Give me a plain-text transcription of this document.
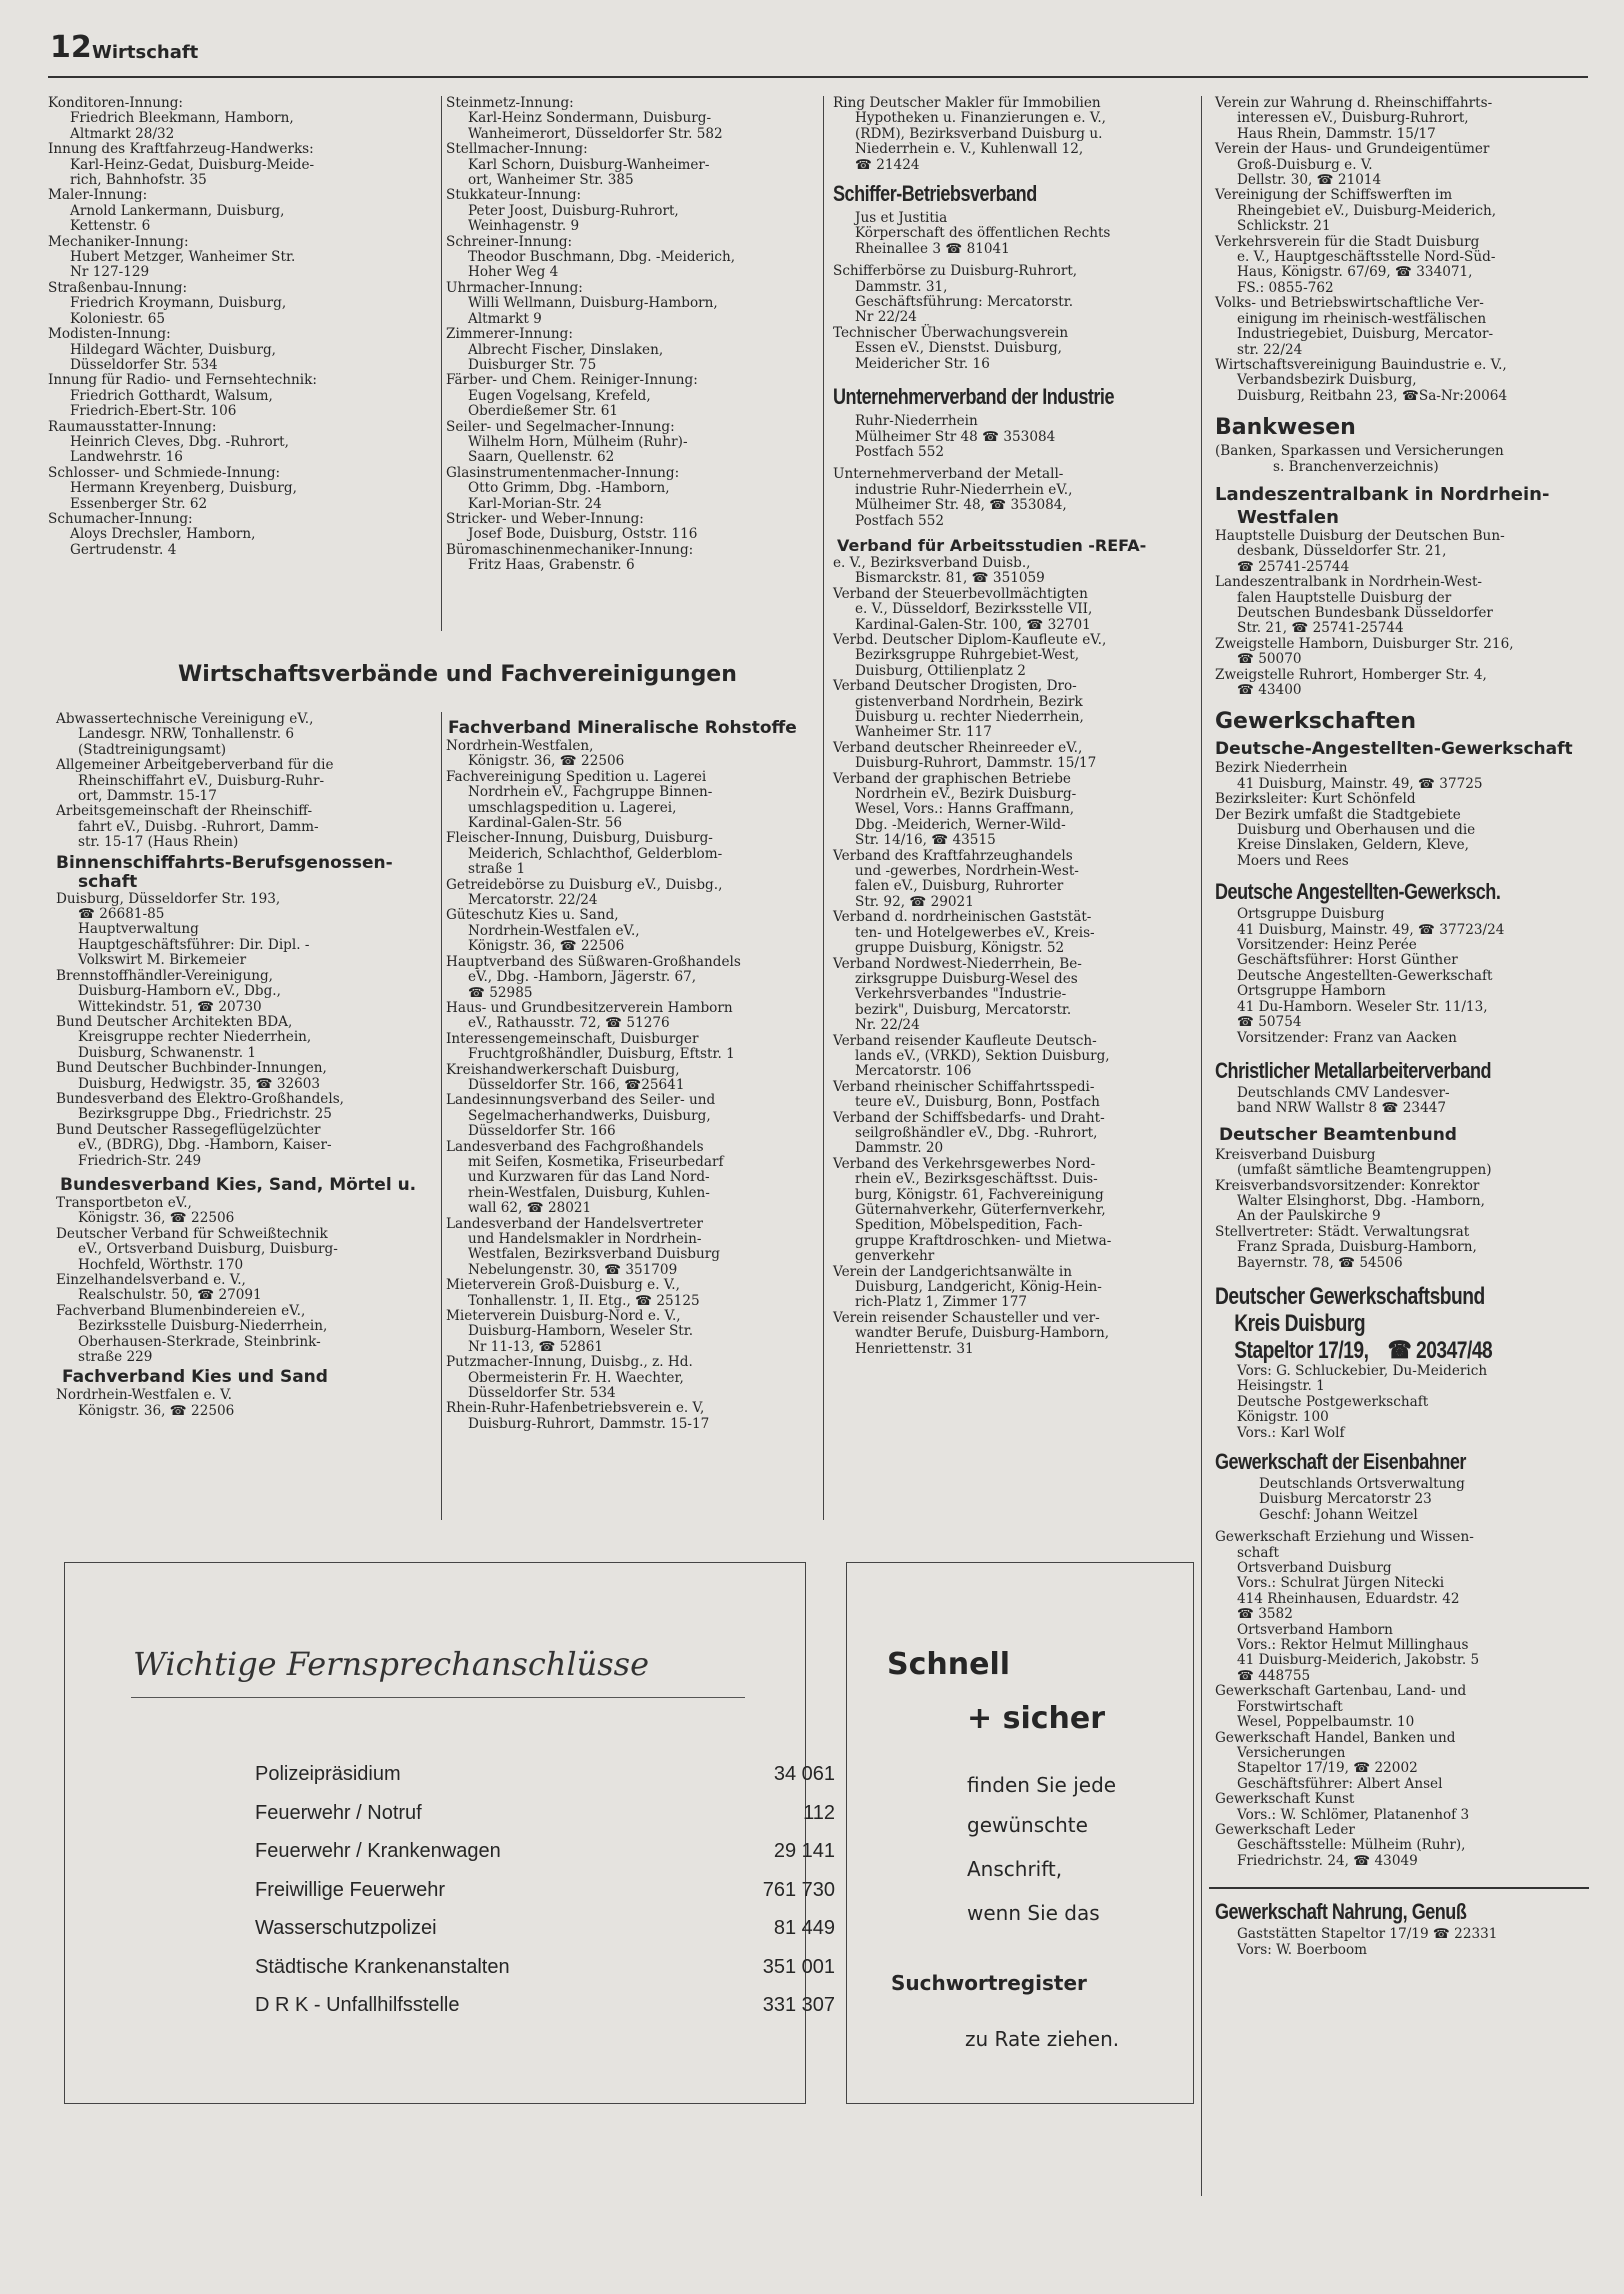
12 Wirtschaft
Konditoren-Innung:
Friedrich Bleekmann, Hamborn,
Altmarkt 28/32
Innung des Kraftfahrzeug-Handwerks:
Karl-Heinz-Gedat, Duisburg-Meide-
rich, Bahnhofstr. 35
Maler-Innung:
Arnold Lankermann, Duisburg,
Kettenstr. 6
Mechaniker-Innung:
Hubert Metzger, Wanheimer Str.
Nr 127-129
Straßenbau-Innung:
Friedrich Kroymann, Duisburg,
Koloniestr. 65
Modisten-Innung:
Hildegard Wächter, Duisburg,
Düsseldorfer Str. 534
Innung für Radio- und Fernsehtechnik:
Friedrich Gotthardt, Walsum,
Friedrich-Ebert-Str. 106
Raumausstatter-Innung:
Heinrich Cleves, Dbg. -Ruhrort,
Landwehrstr. 16
Schlosser- und Schmiede-Innung:
Hermann Kreyenberg, Duisburg,
Essenberger Str. 62
Schumacher-Innung:
Aloys Drechsler, Hamborn,
Gertrudenstr. 4
Steinmetz-Innung:
Karl-Heinz Sondermann, Duisburg-
Wanheimerort, Düsseldorfer Str. 582
Stellmacher-Innung:
Karl Schorn, Duisburg-Wanheimer-
ort, Wanheimer Str. 385
Stukkateur-Innung:
Peter Joost, Duisburg-Ruhrort,
Weinhagenstr. 9
Schreiner-Innung:
Theodor Buschmann, Dbg. -Meiderich,
Hoher Weg 4
Uhrmacher-Innung:
Willi Wellmann, Duisburg-Hamborn,
Altmarkt 9
Zimmerer-Innung:
Albrecht Fischer, Dinslaken,
Duisburger Str. 75
Färber- und Chem. Reiniger-Innung:
Eugen Vogelsang, Krefeld,
Oberdießemer Str. 61
Seiler- und Segelmacher-Innung:
Wilhelm Horn, Mülheim (Ruhr)-
Saarn, Quellenstr. 62
Glasinstrumentenmacher-Innung:
Otto Grimm, Dbg. -Hamborn,
Karl-Morian-Str. 24
Stricker- und Weber-Innung:
Josef Bode, Duisburg, Oststr. 116
Büromaschinenmechaniker-Innung:
Fritz Haas, Grabenstr. 6
Wirtschaftsverbände und Fachvereinigungen
Abwassertechnische Vereinigung eV.,
Landesgr. NRW, Tonhallenstr. 6
(Stadtreinigungsamt)
Allgemeiner Arbeitgeberverband für die
Rheinschiffahrt eV., Duisburg-Ruhr-
ort, Dammstr. 15-17
Arbeitsgemeinschaft der Rheinschiff-
fahrt eV., Duisbg. -Ruhrort, Damm-
str. 15-17 (Haus Rhein)
Binnenschiffahrts-Berufsgenossen-
schaft
Duisburg, Düsseldorfer Str. 193,
☎ 26681-85
Hauptverwaltung
Hauptgeschäftsführer: Dir. Dipl. -
Volkswirt M. Birkemeier
Brennstoffhändler-Vereinigung,
Duisburg-Hamborn eV., Dbg.,
Wittekindstr. 51, ☎ 20730
Bund Deutscher Architekten BDA,
Kreisgruppe rechter Niederrhein,
Duisburg, Schwanenstr. 1
Bund Deutscher Buchbinder-Innungen,
Duisburg, Hedwigstr. 35, ☎ 32603
Bundesverband des Elektro-Großhandels,
Bezirksgruppe Dbg., Friedrichstr. 25
Bund Deutscher Rassegeflügelzüchter
eV., (BDRG), Dbg. -Hamborn, Kaiser-
Friedrich-Str. 249
Bundesverband Kies, Sand, Mörtel u.
Transportbeton eV.,
Königstr. 36, ☎ 22506
Deutscher Verband für Schweißtechnik
eV., Ortsverband Duisburg, Duisburg-
Hochfeld, Wörthstr. 170
Einzelhandelsverband e. V.,
Realschulstr. 50, ☎ 27091
Fachverband Blumenbindereien eV.,
Bezirksstelle Duisburg-Niederrhein,
Oberhausen-Sterkrade, Steinbrink-
straße 229
Fachverband Kies und Sand
Nordrhein-Westfalen e. V.
Königstr. 36, ☎ 22506
Fachverband Mineralische Rohstoffe
Nordrhein-Westfalen,
Königstr. 36, ☎ 22506
Fachvereinigung Spedition u. Lagerei
Nordrhein eV., Fachgruppe Binnen-
umschlagspedition u. Lagerei,
Kardinal-Galen-Str. 56
Fleischer-Innung, Duisburg, Duisburg-
Meiderich, Schlachthof, Gelderblom-
straße 1
Getreidebörse zu Duisburg eV., Duisbg.,
Mercatorstr. 22/24
Güteschutz Kies u. Sand,
Nordrhein-Westfalen eV.,
Königstr. 36, ☎ 22506
Hauptverband des Süßwaren-Großhandels
eV., Dbg. -Hamborn, Jägerstr. 67,
☎ 52985
Haus- und Grundbesitzerverein Hamborn
eV., Rathausstr. 72, ☎ 51276
Interessengemeinschaft, Duisburger
Fruchtgroßhändler, Duisburg, Eftstr. 1
Kreishandwerkerschaft Duisburg,
Düsseldorfer Str. 166, ☎25641
Landesinnungsverband des Seiler- und
Segelmacherhandwerks, Duisburg,
Düsseldorfer Str. 166
Landesverband des Fachgroßhandels
mit Seifen, Kosmetika, Friseurbedarf
und Kurzwaren für das Land Nord-
rhein-Westfalen, Duisburg, Kuhlen-
wall 62, ☎ 28021
Landesverband der Handelsvertreter
und Handelsmakler in Nordrhein-
Westfalen, Bezirksverband Duisburg
Nebelungenstr. 30, ☎ 351709
Mieterverein Groß-Duisburg e. V.,
Tonhallenstr. 1, II. Etg., ☎ 25125
Mieterverein Duisburg-Nord e. V.,
Duisburg-Hamborn, Weseler Str.
Nr 11-13, ☎ 52861
Putzmacher-Innung, Duisbg., z. Hd.
Obermeisterin Fr. H. Waechter,
Düsseldorfer Str. 534
Rhein-Ruhr-Hafenbetriebsverein e. V,
Duisburg-Ruhrort, Dammstr. 15-17
Ring Deutscher Makler für Immobilien
Hypotheken u. Finanzierungen e. V.,
(RDM), Bezirksverband Duisburg u.
Niederrhein e. V., Kuhlenwall 12,
☎ 21424
Schiffer-Betriebsverband
Jus et Justitia
Körperschaft des öffentlichen Rechts
Rheinallee 3 ☎ 81041
Schifferbörse zu Duisburg-Ruhrort,
Dammstr. 31,
Geschäftsführung: Mercatorstr.
Nr 22/24
Technischer Überwachungsverein
Essen eV., Dienstst. Duisburg,
Meidericher Str. 16
Unternehmerverband der Industrie
Ruhr-Niederrhein
Mülheimer Str 48 ☎ 353084
Postfach 552
Unternehmerverband der Metall-
industrie Ruhr-Niederrhein eV.,
Mülheimer Str. 48, ☎ 353084,
Postfach 552
Verband für Arbeitsstudien -REFA-
e. V., Bezirksverband Duisb.,
Bismarckstr. 81, ☎ 351059
Verband der Steuerbevollmächtigten
e. V., Düsseldorf, Bezirksstelle VII,
Kardinal-Galen-Str. 100, ☎ 32701
Verbd. Deutscher Diplom-Kaufleute eV.,
Bezirksgruppe Ruhrgebiet-West,
Duisburg, Ottilienplatz 2
Verband Deutscher Drogisten, Dro-
gistenverband Nordrhein, Bezirk
Duisburg u. rechter Niederrhein,
Wanheimer Str. 117
Verband deutscher Rheinreeder eV.,
Duisburg-Ruhrort, Dammstr. 15/17
Verband der graphischen Betriebe
Nordrhein eV., Bezirk Duisburg-
Wesel, Vors.: Hanns Graffmann,
Dbg. -Meiderich, Werner-Wild-
Str. 14/16, ☎ 43515
Verband des Kraftfahrzeughandels
und -gewerbes, Nordrhein-West-
falen eV., Duisburg, Ruhrorter
Str. 92, ☎ 29021
Verband d. nordrheinischen Gaststät-
ten- und Hotelgewerbes eV., Kreis-
gruppe Duisburg, Königstr. 52
Verband Nordwest-Niederrhein, Be-
zirksgruppe Duisburg-Wesel des
Verkehrsverbandes "Industrie-
bezirk", Duisburg, Mercatorstr.
Nr. 22/24
Verband reisender Kaufleute Deutsch-
lands eV., (VRKD), Sektion Duisburg,
Mercatorstr. 106
Verband rheinischer Schiffahrtsspedi-
teure eV., Duisburg, Bonn, Postfach
Verband der Schiffsbedarfs- und Draht-
seilgroßhändler eV., Dbg. -Ruhrort,
Dammstr. 20
Verband des Verkehrsgewerbes Nord-
rhein eV., Bezirksgeschäftsst. Duis-
burg, Königstr. 61, Fachvereinigung
Güternahverkehr, Güterfernverkehr,
Spedition, Möbelspedition, Fach-
gruppe Kraftdroschken- und Mietwa-
genverkehr
Verein der Landgerichtsanwälte in
Duisburg, Landgericht, König-Hein-
rich-Platz 1, Zimmer 177
Verein reisender Schausteller und ver-
wandter Berufe, Duisburg-Hamborn,
Henriettenstr. 31
Verein zur Wahrung d. Rheinschiffahrts-
interessen eV., Duisburg-Ruhrort,
Haus Rhein, Dammstr. 15/17
Verein der Haus- und Grundeigentümer
Groß-Duisburg e. V.
Dellstr. 30, ☎ 21014
Vereinigung der Schiffswerften im
Rheingebiet eV., Duisburg-Meiderich,
Schlickstr. 21
Verkehrsverein für die Stadt Duisburg
e. V., Hauptgeschäftsstelle Nord-Süd-
Haus, Königstr. 67/69, ☎ 334071,
FS.: 0855-762
Volks- und Betriebswirtschaftliche Ver-
einigung im rheinisch-westfälischen
Industriegebiet, Duisburg, Mercator-
str. 22/24
Wirtschaftsvereinigung Bauindustrie e. V.,
Verbandsbezirk Duisburg,
Duisburg, Reitbahn 23, ☎Sa-Nr:20064
Bankwesen
(Banken, Sparkassen und Versicherungen
s. Branchenverzeichnis)
Landeszentralbank in Nordrhein-
Westfalen
Hauptstelle Duisburg der Deutschen Bun-
desbank, Düsseldorfer Str. 21,
☎ 25741-25744
Landeszentralbank in Nordrhein-West-
falen Hauptstelle Duisburg der
Deutschen Bundesbank Düsseldorfer
Str. 21, ☎ 25741-25744
Zweigstelle Hamborn, Duisburger Str. 216,
☎ 50070
Zweigstelle Ruhrort, Homberger Str. 4,
☎ 43400
Gewerkschaften
Deutsche-Angestellten-Gewerkschaft
Bezirk Niederrhein
41 Duisburg, Mainstr. 49, ☎ 37725
Bezirksleiter: Kurt Schönfeld
Der Bezirk umfaßt die Stadtgebiete
Duisburg und Oberhausen und die
Kreise Dinslaken, Geldern, Kleve,
Moers und Rees
Deutsche Angestellten-Gewerksch.
Ortsgruppe Duisburg
41 Duisburg, Mainstr. 49, ☎ 37723/24
Vorsitzender: Heinz Perée
Geschäftsführer: Horst Günther
Deutsche Angestellten-Gewerkschaft
Ortsgruppe Hamborn
41 Du-Hamborn. Weseler Str. 11/13,
☎ 50754
Vorsitzender: Franz van Aacken
Christlicher Metallarbeiterverband
Deutschlands CMV Landesver-
band NRW Wallstr 8 ☎ 23447
Deutscher Beamtenbund
Kreisverband Duisburg
(umfaßt sämtliche Beamtengruppen)
Kreisverbandsvorsitzender: Konrektor
Walter Elsinghorst, Dbg. -Hamborn,
An der Paulskirche 9
Stellvertreter: Städt. Verwaltungsrat
Franz Sprada, Duisburg-Hamborn,
Bayernstr. 78, ☎ 54506
Deutscher Gewerkschaftsbund
Kreis Duisburg
Stapeltor 17/19, ☎ 20347/48
Vors: G. Schluckebier, Du-Meiderich
Heisingstr. 1
Deutsche Postgewerkschaft
Königstr. 100
Vors.: Karl Wolf
Gewerkschaft der Eisenbahner
Deutschlands Ortsverwaltung
Duisburg Mercatorstr 23
Geschf: Johann Weitzel
Gewerkschaft Erziehung und Wissen-
schaft
Ortsverband Duisburg
Vors.: Schulrat Jürgen Nitecki
414 Rheinhausen, Eduardstr. 42
☎ 3582
Ortsverband Hamborn
Vors.: Rektor Helmut Millinghaus
41 Duisburg-Meiderich, Jakobstr. 5
☎ 448755
Gewerkschaft Gartenbau, Land- und
Forstwirtschaft
Wesel, Poppelbaumstr. 10
Gewerkschaft Handel, Banken und
Versicherungen
Stapeltor 17/19, ☎ 22002
Geschäftsführer: Albert Ansel
Gewerkschaft Kunst
Vors.: W. Schlömer, Platanenhof 3
Gewerkschaft Leder
Geschäftsstelle: Mülheim (Ruhr),
Friedrichstr. 24, ☎ 43049
Gewerkschaft Nahrung, Genuß
Gaststätten Stapeltor 17/19 ☎ 22331
Vors: W. Boerboom
Wichtige Fernsprechanschlüsse
Polizeipräsidium	34 061
Feuerwehr / Notruf	112
Feuerwehr / Krankenwagen	29 141
Freiwillige Feuerwehr	761 730
Wasserschutzpolizei	81 449
Städtische Krankenanstalten	351 001
D R K - Unfallhilfsstelle	331 307
Schnell
+ sicher
finden Sie jede
gewünschte
Anschrift,
wenn Sie das
Suchwortregister
zu Rate ziehen.
